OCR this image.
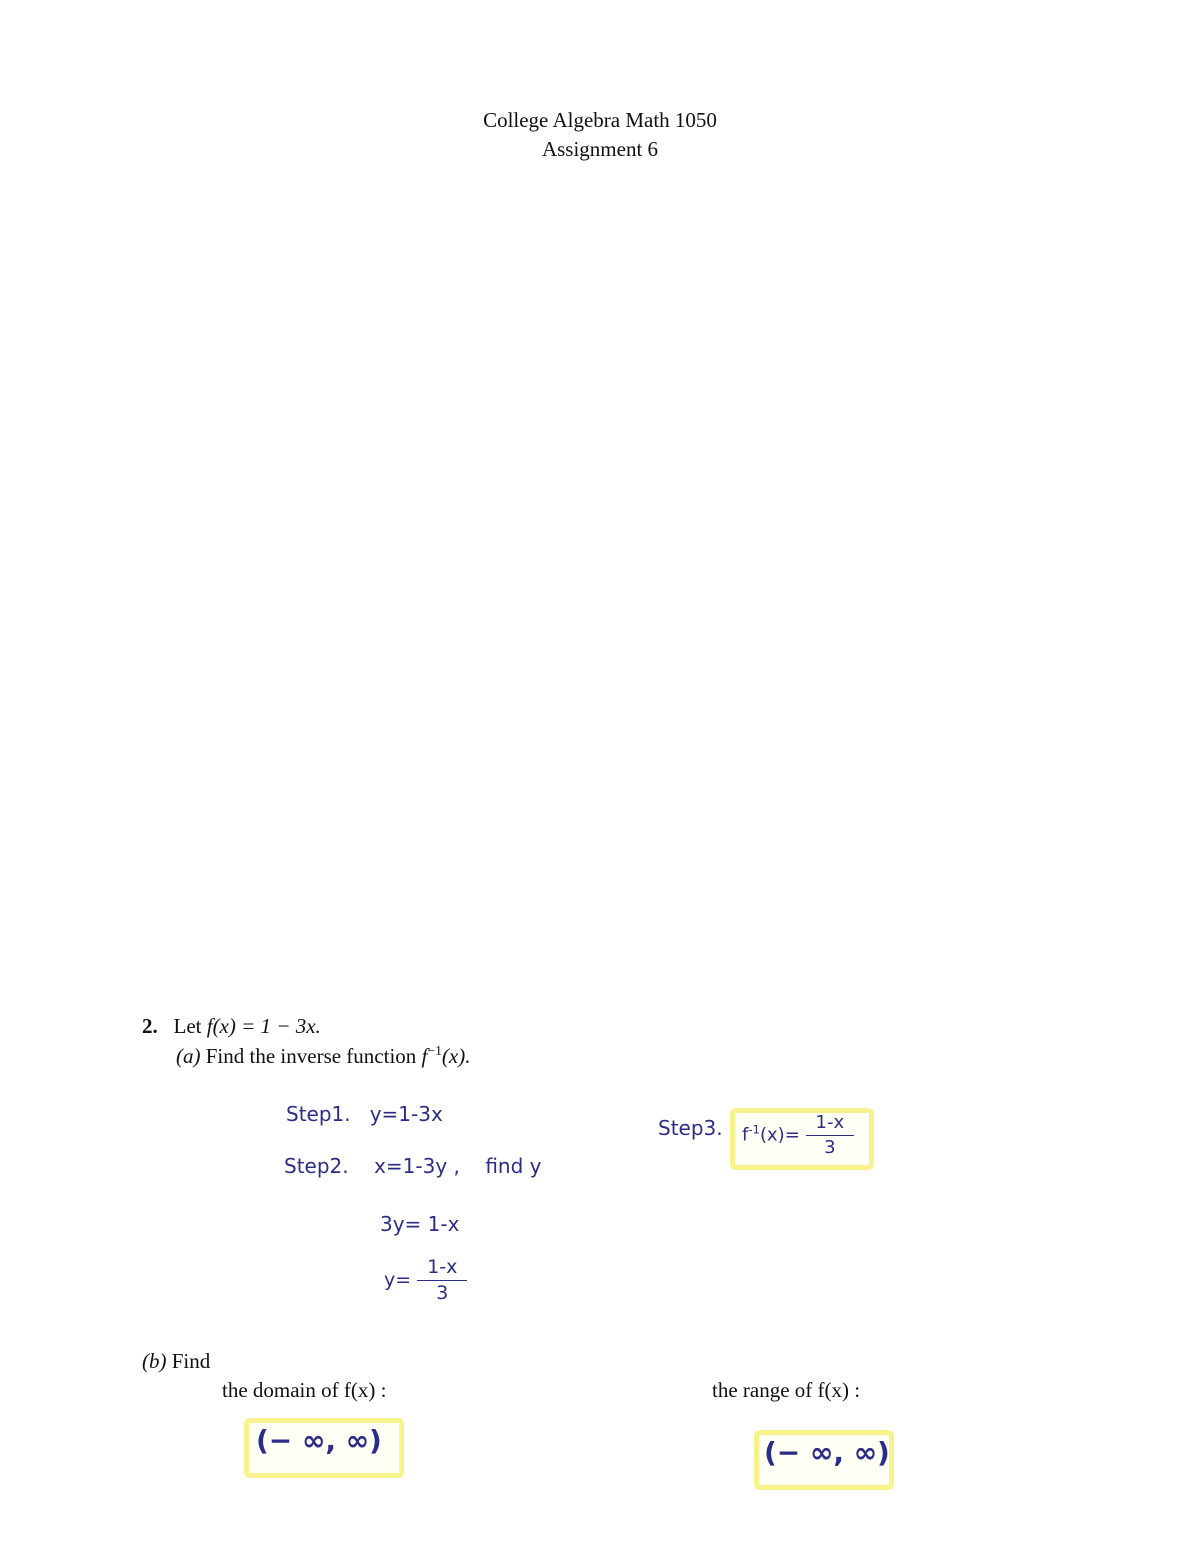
College Algebra Math 1050
Assignment 6
2. Let f(x) = 1 − 3x.
(a) Find the inverse function $f^{-1}(x)$.
Step1. y=1-3x
Step2. x=1-3y , find y
3y= 1-x
$y= \frac{1-x}{3}$
Step3. $f^{-1}(x)= \frac{1-x}{3}$
(b) Find
the domain of f(x) :	the range of f(x) :
(− ∞, ∞)	(− ∞, ∞)
